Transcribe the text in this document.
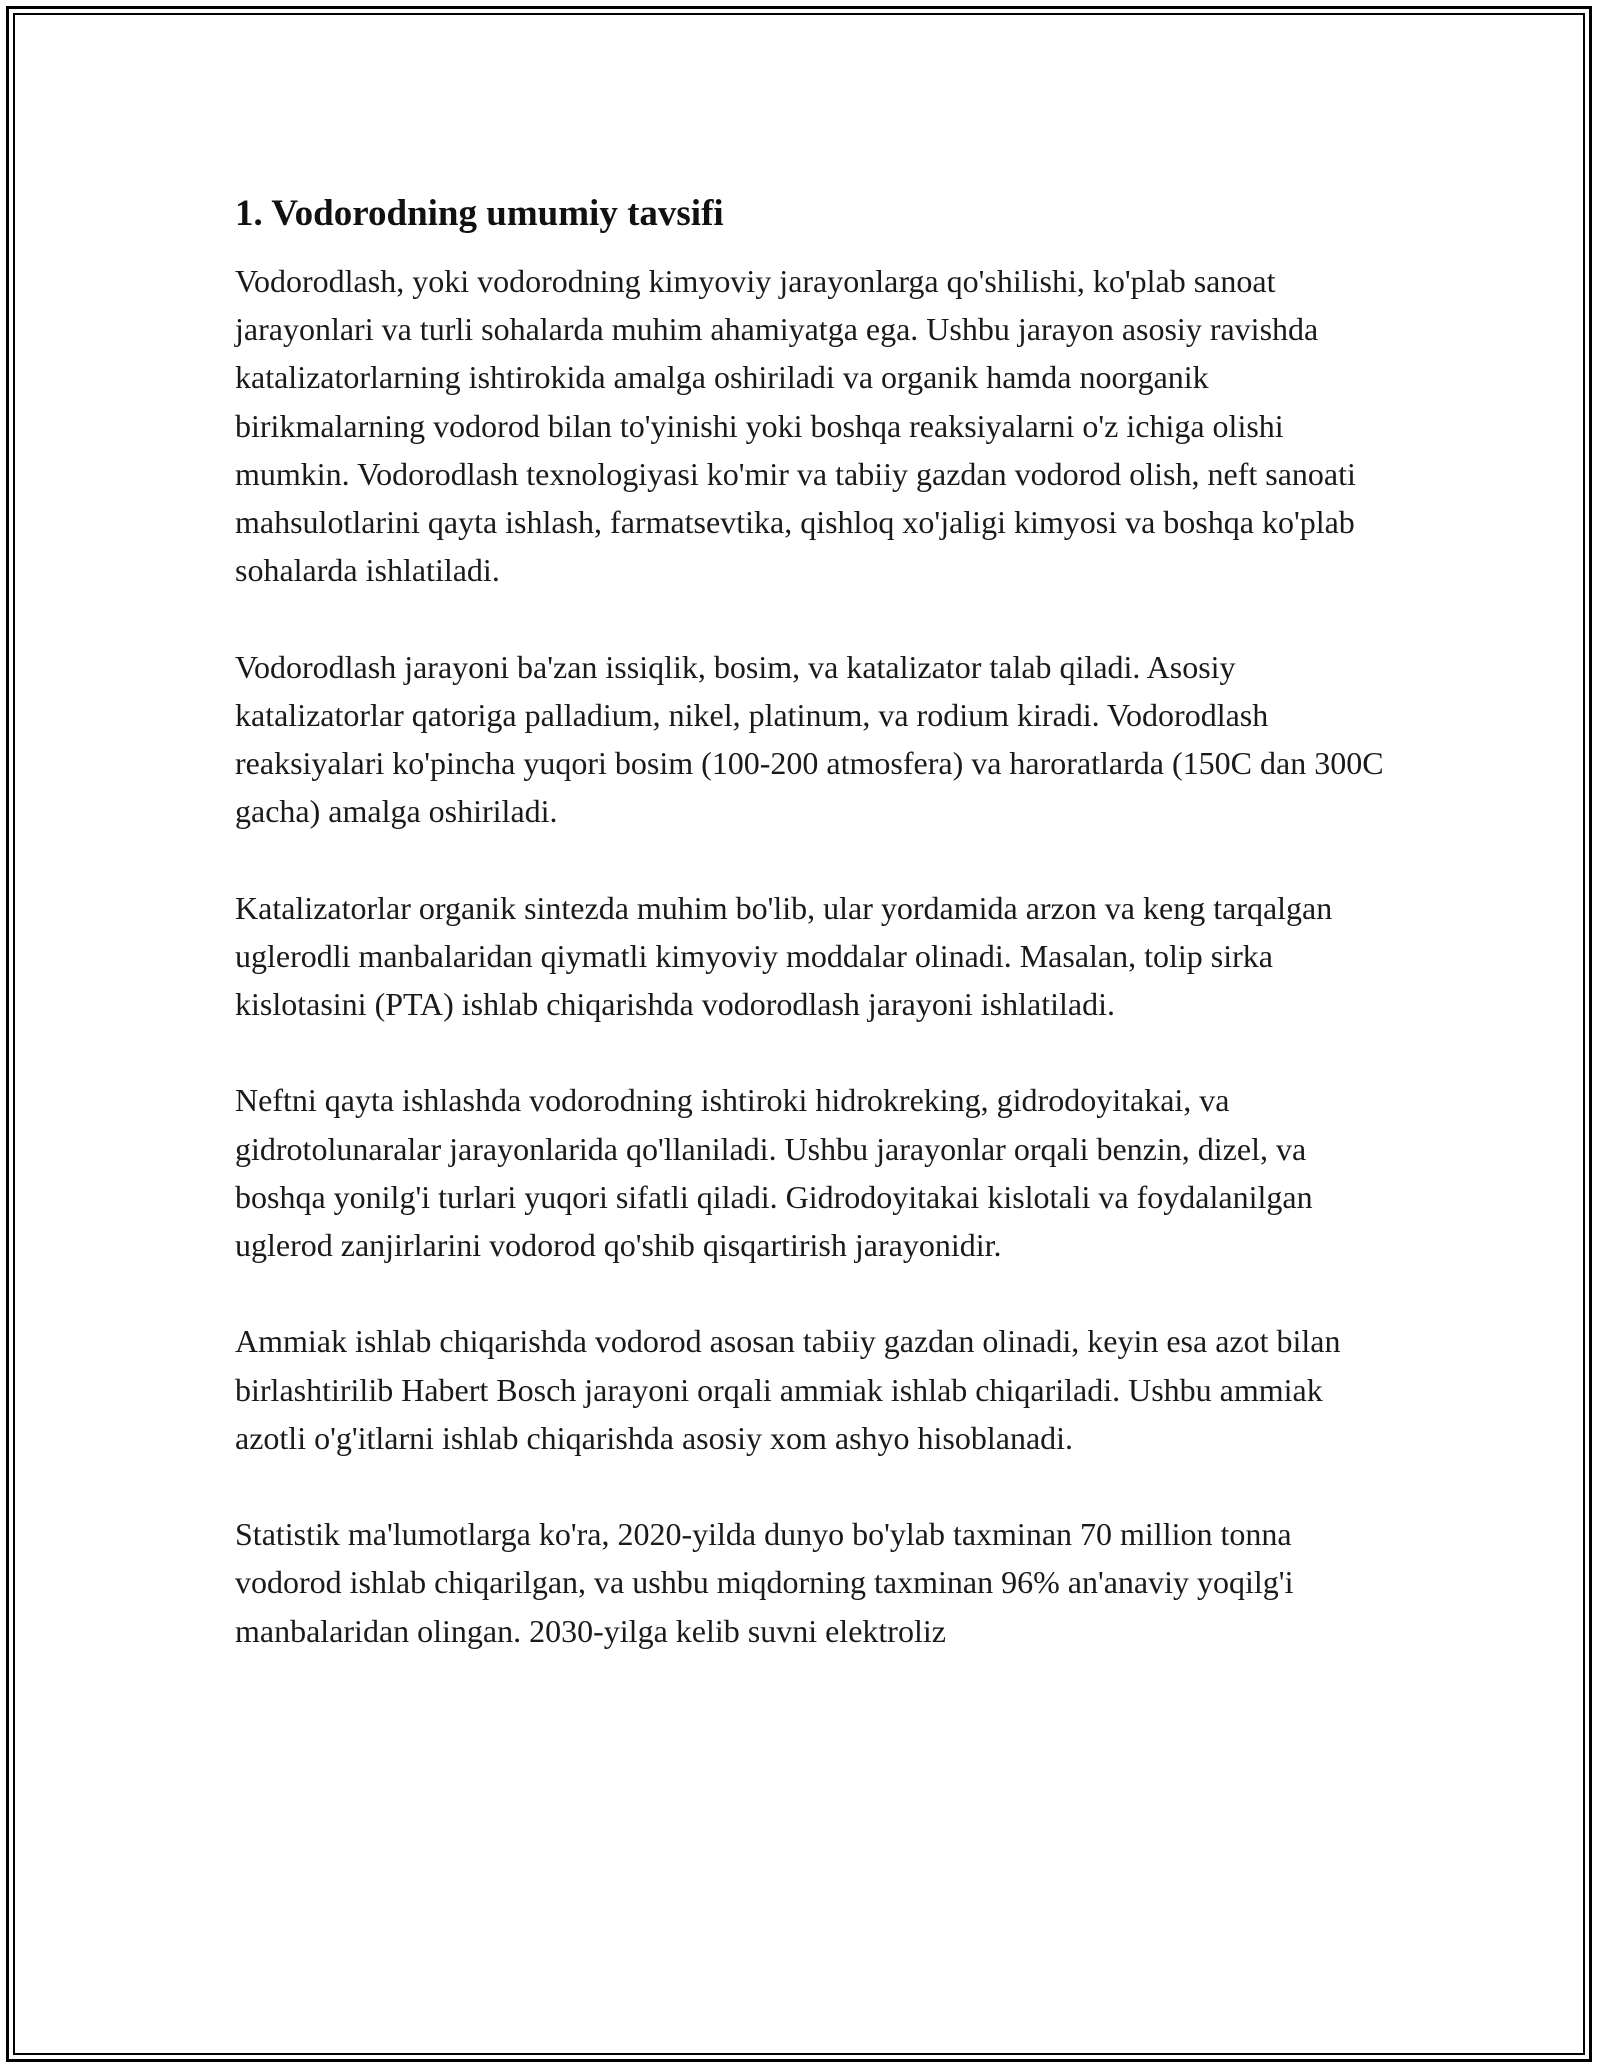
1. Vodorodning umumiy tavsifi

Vodorodlash, yoki vodorodning kimyoviy jarayonlarga qo'shilishi, ko'plab sanoat jarayonlari va turli sohalarda muhim ahamiyatga ega. Ushbu jarayon asosiy ravishda katalizatorlarning ishtirokida amalga oshiriladi va organik hamda noorganik birikmalarning vodorod bilan to'yinishi yoki boshqa reaksiyalarni o'z ichiga olishi mumkin. Vodorodlash texnologiyasi ko'mir va tabiiy gazdan vodorod olish, neft sanoati mahsulotlarini qayta ishlash, farmatsevtika, qishloq xo'jaligi kimyosi va boshqa ko'plab sohalarda ishlatiladi.

Vodorodlash jarayoni ba'zan issiqlik, bosim, va katalizator talab qiladi. Asosiy katalizatorlar qatoriga palladium, nikel, platinum, va rodium kiradi. Vodorodlash reaksiyalari ko'pincha yuqori bosim (100-200 atmosfera) va haroratlarda (150C dan 300C gacha) amalga oshiriladi.

Katalizatorlar organik sintezda muhim bo'lib, ular yordamida arzon va keng tarqalgan uglerodli manbalaridan qiymatli kimyoviy moddalar olinadi. Masalan, tolip sirka kislotasini (PTA) ishlab chiqarishda vodorodlash jarayoni ishlatiladi.

Neftni qayta ishlashda vodorodning ishtiroki hidrokreking, gidrodoyitakai, va gidrotolunaralar jarayonlarida qo'llaniladi. Ushbu jarayonlar orqali benzin, dizel, va boshqa yonilg'i turlari yuqori sifatli qiladi. Gidrodoyitakai kislotali va foydalanilgan uglerod zanjirlarini vodorod qo'shib qisqartirish jarayonidir.

Ammiak ishlab chiqarishda vodorod asosan tabiiy gazdan olinadi, keyin esa azot bilan birlashtirilib Habert Bosch jarayoni orqali ammiak ishlab chiqariladi. Ushbu ammiak azotli o'g'itlarni ishlab chiqarishda asosiy xom ashyo hisoblanadi.

Statistik ma'lumotlarga ko'ra, 2020-yilda dunyo bo'ylab taxminan 70 million tonna vodorod ishlab chiqarilgan, va ushbu miqdorning taxminan 96% an'anaviy yoqilg'i manbalaridan olingan. 2030-yilga kelib suvni elektroliz
